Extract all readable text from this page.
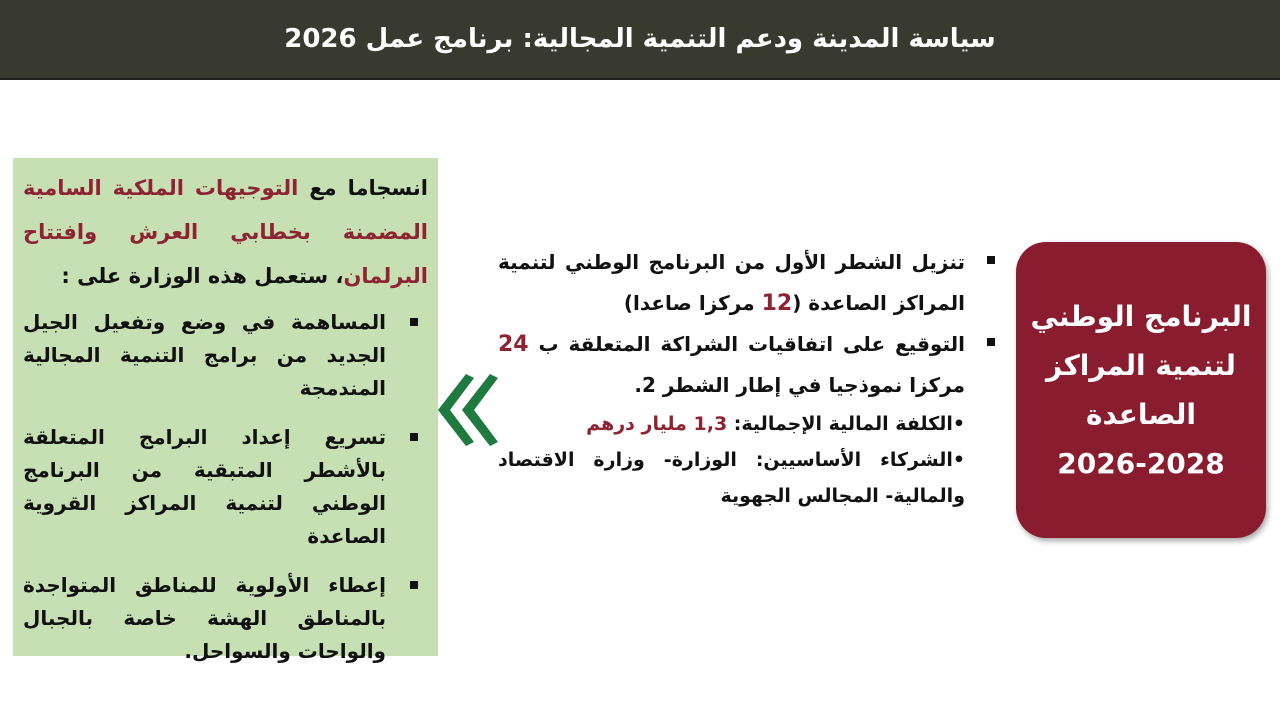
سياسة المدينة ودعم التنمية المجالية: برنامج عمل 2026

انسجاما مع التوجيهات الملكية السامية المضمنة بخطابي العرش وافتتاح البرلمان، ستعمل هذه الوزارة على :

المساهمة في وضع وتفعيل الجيل الجديد من برامج التنمية المجالية المندمجة
تسريع إعداد البرامج المتعلقة بالأشطر المتبقية من البرنامج الوطني لتنمية المراكز القروية الصاعدة
إعطاء الأولوية للمناطق المتواجدة بالمناطق الهشة خاصة بالجبال والواحات والسواحل.
تنزيل الشطر الأول من البرنامج الوطني لتنمية المراكز الصاعدة (12 مركزا صاعدا)
التوقيع على اتفاقيات الشراكة المتعلقة ب 24 مركزا نموذجيا في إطار الشطر 2.
•الكلفة المالية الإجمالية: 1,3 مليار درهم
•الشركاء الأساسيين: الوزارة- وزارة الاقتصاد والمالية- المجالس الجهوية
البرنامج الوطني
لتنمية المراكز
الصاعدة
2026-2028
